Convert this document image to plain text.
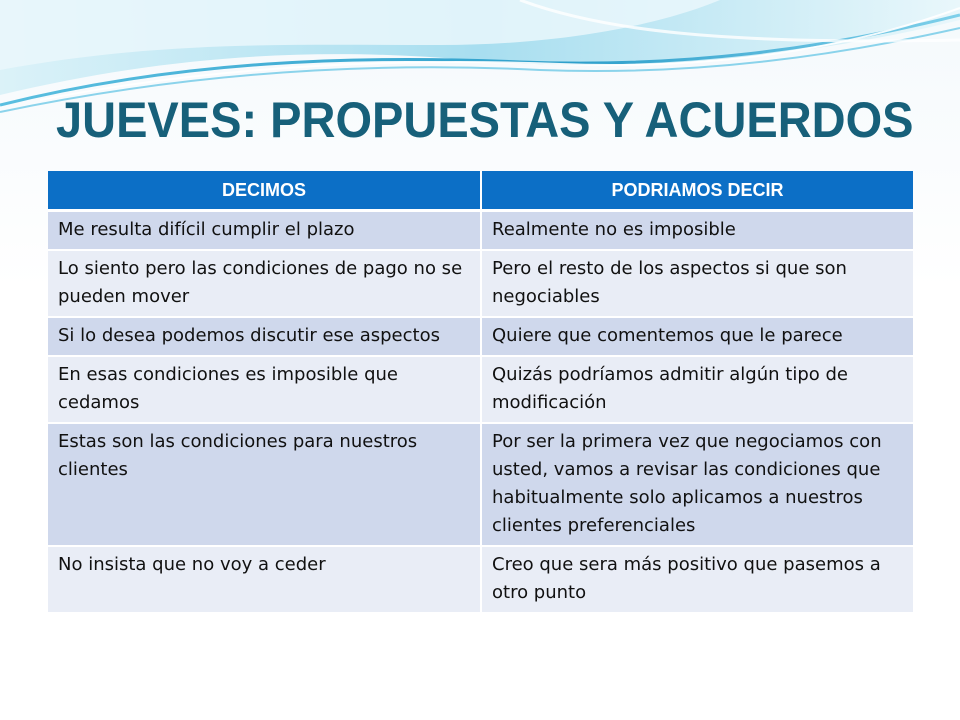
JUEVES: PROPUESTAS Y ACUERDOS
DECIMOS	PODRIAMOS DECIR
Me resulta difícil cumplir el plazo	Realmente no es imposible
Lo siento pero las condiciones de pago no se pueden mover	Pero el resto de los aspectos si que son negociables
Si lo desea podemos discutir ese aspectos	Quiere que comentemos que le parece
En esas condiciones es imposible que cedamos	Quizás podríamos admitir algún tipo de modificación
Estas son las condiciones para nuestros clientes	Por ser la primera vez que negociamos con usted, vamos a revisar las condiciones que habitualmente solo aplicamos a nuestros clientes preferenciales
No insista que no voy a ceder	Creo que sera más positivo que pasemos a otro punto
